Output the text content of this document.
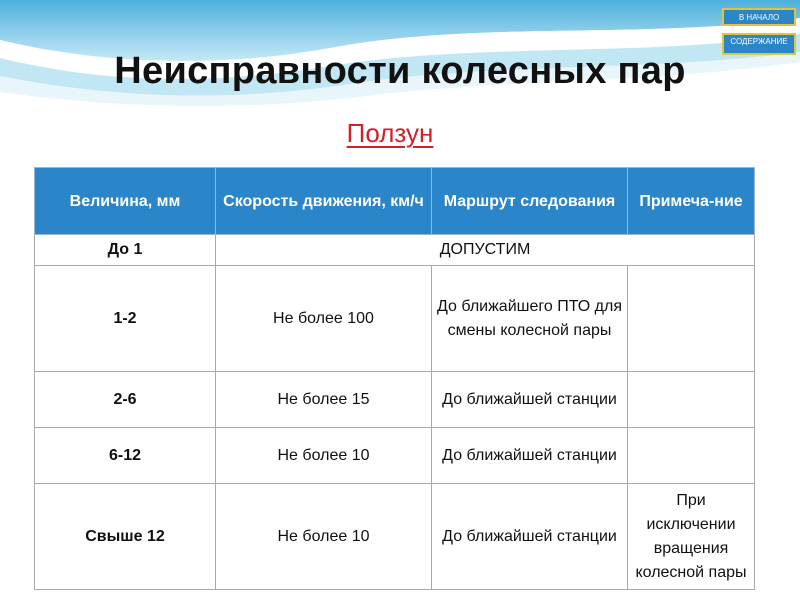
В НАЧАЛО
СОДЕРЖАНИЕ
Неисправности колесных пар
Ползун
Величина, мм	Скорость движения, км/ч	Маршрут следования	Примеча-ние
До 1	ДОПУСТИМ		
1-2	Не более 100	До ближайшего ПТО для смены колесной пары	
2-6	Не более 15	До ближайшей станции	
6-12	Не более 10	До ближайшей станции	
Свыше 12	Не более 10	До ближайшей станции	При исключении вращения колесной пары
